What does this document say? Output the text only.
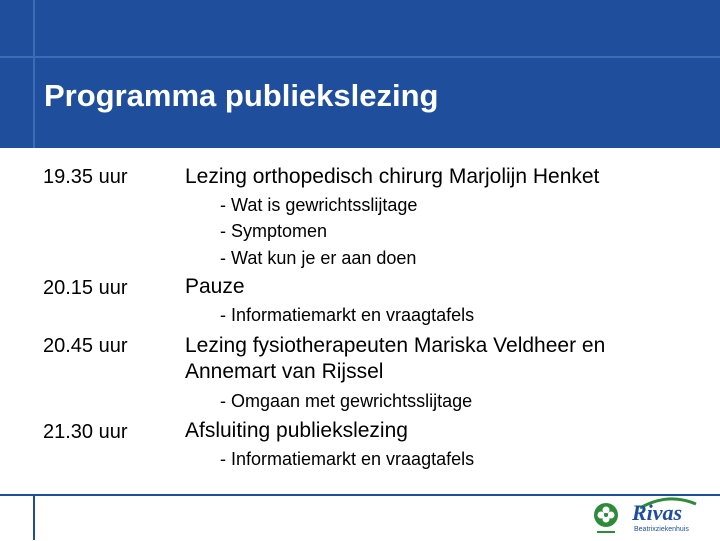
Programma publiekslezing
19.35 uur	Lezing orthopedisch chirurg Marjolijn Henket
- Wat is gewrichtsslijtage
- Symptomen
- Wat kun je er aan doen
20.15 uur	Pauze
- Informatiemarkt en vraagtafels
20.45 uur	Lezing fysiotherapeuten Mariska Veldheer en
Annemart van Rijssel
- Omgaan met gewrichtsslijtage
21.30 uur	Afsluiting publiekslezing
- Informatiemarkt en vraagtafels
Rivas
Beatrixziekenhuis
